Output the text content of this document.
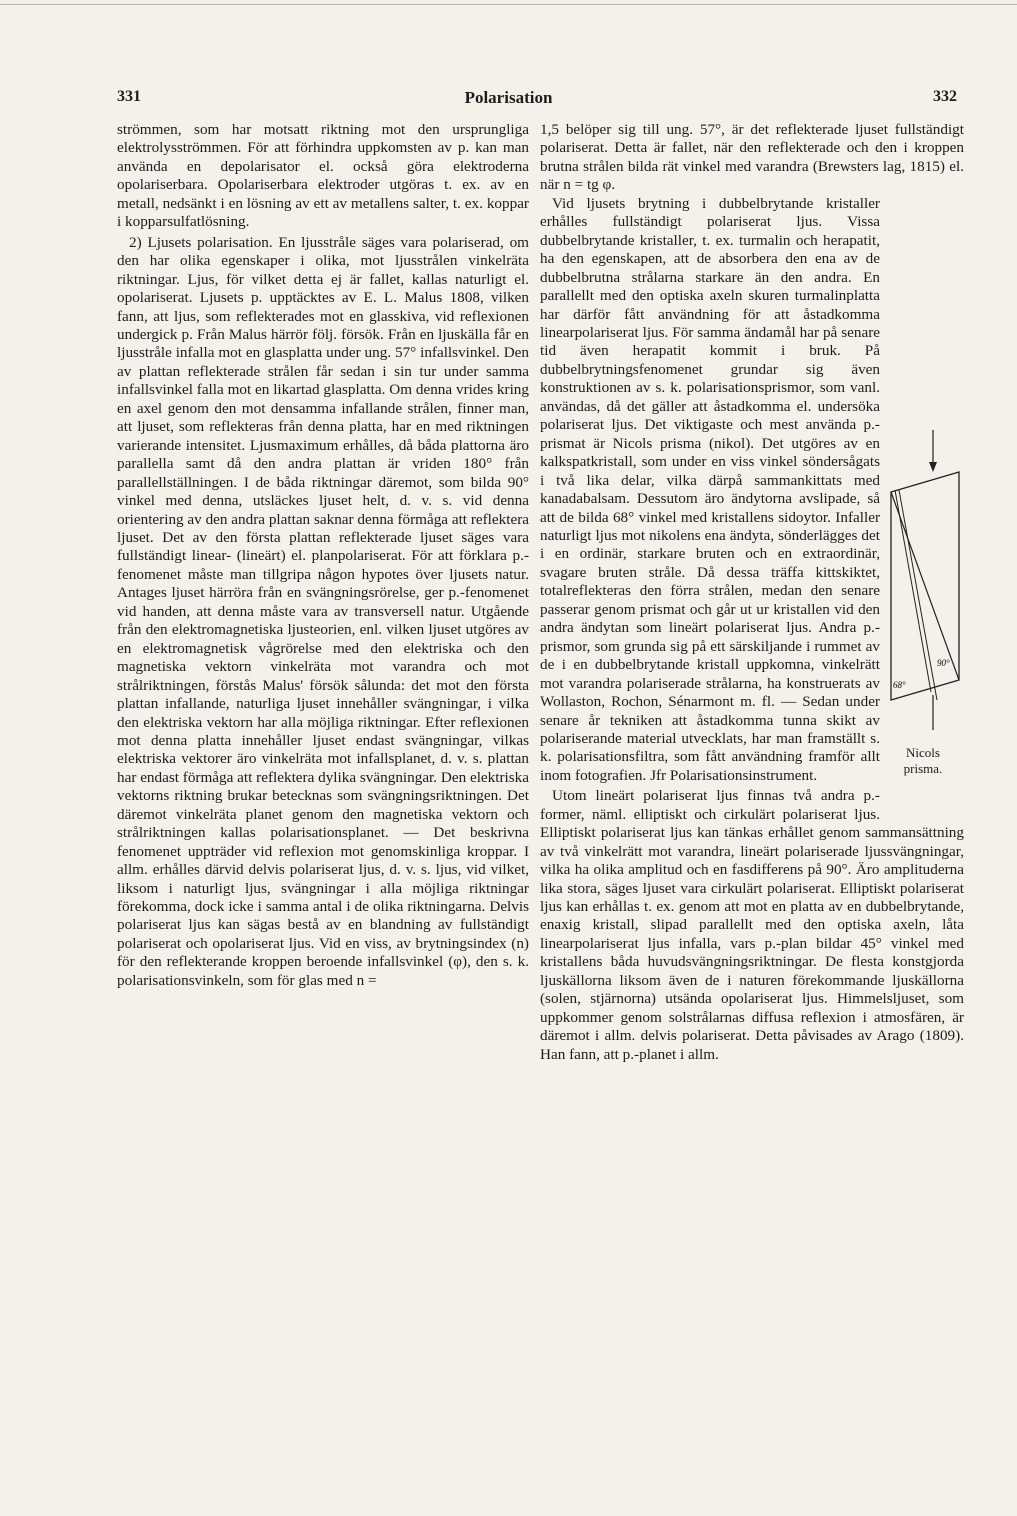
331	Polarisation	332

strömmen, som har motsatt riktning mot den ursprungliga elektrolysströmmen. För att förhindra uppkomsten av p. kan man använda en depolarisator el. också göra elektroderna opolariserbara. Opolariserbara elektroder utgöras t. ex. av en metall, nedsänkt i en lösning av ett av metallens salter, t. ex. koppar i kopparsulfatlösning.

2) Ljusets polarisation. En ljusstråle säges vara polariserad, om den har olika egenskaper i olika, mot ljusstrålen vinkelräta riktningar. Ljus, för vilket detta ej är fallet, kallas naturligt el. opolariserat. Ljusets p. upptäcktes av E. L. Malus 1808, vilken fann, att ljus, som reflekterades mot en glasskiva, vid reflexionen undergick p. Från Malus härrör följ. försök. Från en ljuskälla får en ljusstråle infalla mot en glasplatta under ung. 57° infallsvinkel. Den av plattan reflekterade strålen får sedan i sin tur under samma infallsvinkel falla mot en likartad glasplatta. Om denna vrides kring en axel genom den mot densamma infallande strålen, finner man, att ljuset, som reflekteras från denna platta, har en med riktningen varierande intensitet. Ljusmaximum erhålles, då båda plattorna äro parallella samt då den andra plattan är vriden 180° från parallellställningen. I de båda riktningar däremot, som bilda 90° vinkel med denna, utsläckes ljuset helt, d. v. s. vid denna orientering av den andra plattan saknar denna förmåga att reflektera ljuset. Det av den första plattan reflekterade ljuset säges vara fullständigt linear- (lineärt) el. planpolariserat. För att förklara p.-fenomenet måste man tillgripa någon hypotes över ljusets natur. Antages ljuset härröra från en svängningsrörelse, ger p.-fenomenet vid handen, att denna måste vara av transversell natur. Utgående från den elektromagnetiska ljusteorien, enl. vilken ljuset utgöres av en elektromagnetisk vågrörelse med den elektriska och den magnetiska vektorn vinkelräta mot varandra och mot strålriktningen, förstås Malus' försök sålunda: det mot den första plattan infallande, naturliga ljuset innehåller svängningar, i vilka den elektriska vektorn har alla möjliga riktningar. Efter reflexionen mot denna platta innehåller ljuset endast svängningar, vilkas elektriska vektorer äro vinkelräta mot infallsplanet, d. v. s. plattan har endast förmåga att reflektera dylika svängningar. Den elektriska vektorns riktning brukar betecknas som svängningsriktningen. Det däremot vinkelräta planet genom den magnetiska vektorn och strålriktningen kallas polarisationsplanet. — Det beskrivna fenomenet uppträder vid reflexion mot genomskinliga kroppar. I allm. erhålles därvid delvis polariserat ljus, d. v. s. ljus, vid vilket, liksom i naturligt ljus, svängningar i alla möjliga riktningar förekomma, dock icke i samma antal i de olika riktningarna. Delvis polariserat ljus kan sägas bestå av en blandning av fullständigt polariserat och opolariserat ljus. Vid en viss, av brytningsindex (n) för den reflekterande kroppen beroende infallsvinkel (φ), den s. k. polarisationsvinkeln, som för glas med n =

1,5 belöper sig till ung. 57°, är det reflekterade ljuset fullständigt polariserat. Detta är fallet, när den reflekterade och den i kroppen brutna strålen bilda rät vinkel med varandra (Brewsters lag, 1815) el. när n = tg φ.

Vid ljusets brytning i dubbelbrytande kristaller erhålles fullständigt polariserat ljus. Vissa dubbelbrytande kristaller, t. ex. turmalin och herapatit, ha den egenskapen, att de absorbera den ena av de dubbelbrutna strålarna starkare än den andra. En parallellt med den optiska axeln skuren turmalinplatta har därför fått användning för att åstadkomma linearpolariserat ljus. För samma ändamål har på senare tid även herapatit kommit i bruk. På dubbelbrytningsfenomenet grundar sig även konstruktionen av s. k. polarisationsprismor, som vanl. användas, då det gäller att åstadkomma el. undersöka polariserat ljus. Det viktigaste och mest använda p.-prismat är Nicols prisma (nikol). Det utgöres av en kalkspatkristall, som under en viss vinkel söndersågats i två lika delar, vilka därpå sammankittats med kanadabalsam. Dessutom äro ändytorna avslipade, så att de bilda 68° vinkel med kristallens sidoytor. Infaller naturligt ljus mot nikolens ena ändyta, sönderlägges det i en ordinär, starkare bruten och en extraordinär, svagare bruten stråle. Då dessa träffa kittskiktet, totalreflekteras den förra strålen, medan den senare passerar genom prismat och går ut ur kristallen vid den andra ändytan som lineärt polariserat ljus. Andra p.-prismor, som grunda sig på ett särskiljande i rummet av de i en dubbelbrytande kristall uppkomna, vinkelrätt mot varandra polariserade strålarna, ha konstruerats av Wollaston, Rochon, Sénarmont m. fl. — Sedan under senare år tekniken att åstadkomma tunna skikt av polariserande material utvecklats, har man framställt s. k. polarisationsfiltra, som fått användning framför allt inom fotografien. Jfr Polarisationsinstrument.

Utom lineärt polariserat ljus finnas två andra p.-former, näml. elliptiskt och cirkulärt polariserat ljus. Elliptiskt polariserat ljus kan tänkas erhållet genom sammansättning av två vinkelrätt mot varandra, lineärt polariserade ljussvängningar, vilka ha olika amplitud och en fasdifferens på 90°. Äro amplituderna lika stora, säges ljuset vara cirkulärt polariserat. Elliptiskt polariserat ljus kan erhållas t. ex. genom att mot en platta av en dubbelbrytande, enaxig kristall, slipad parallellt med den optiska axeln, låta linearpolariserat ljus infalla, vars p.-plan bildar 45° vinkel med kristallens båda huvudsvängningsriktningar. De flesta konstgjorda ljuskällorna liksom även de i naturen förekommande ljuskällorna (solen, stjärnorna) utsända opolariserat ljus. Himmelsljuset, som uppkommer genom solstrålarnas diffusa reflexion i atmosfären, är däremot i allm. delvis polariserat. Detta påvisades av Arago (1809). Han fann, att p.-planet i allm.

68°
90°
Nicols
prisma.
